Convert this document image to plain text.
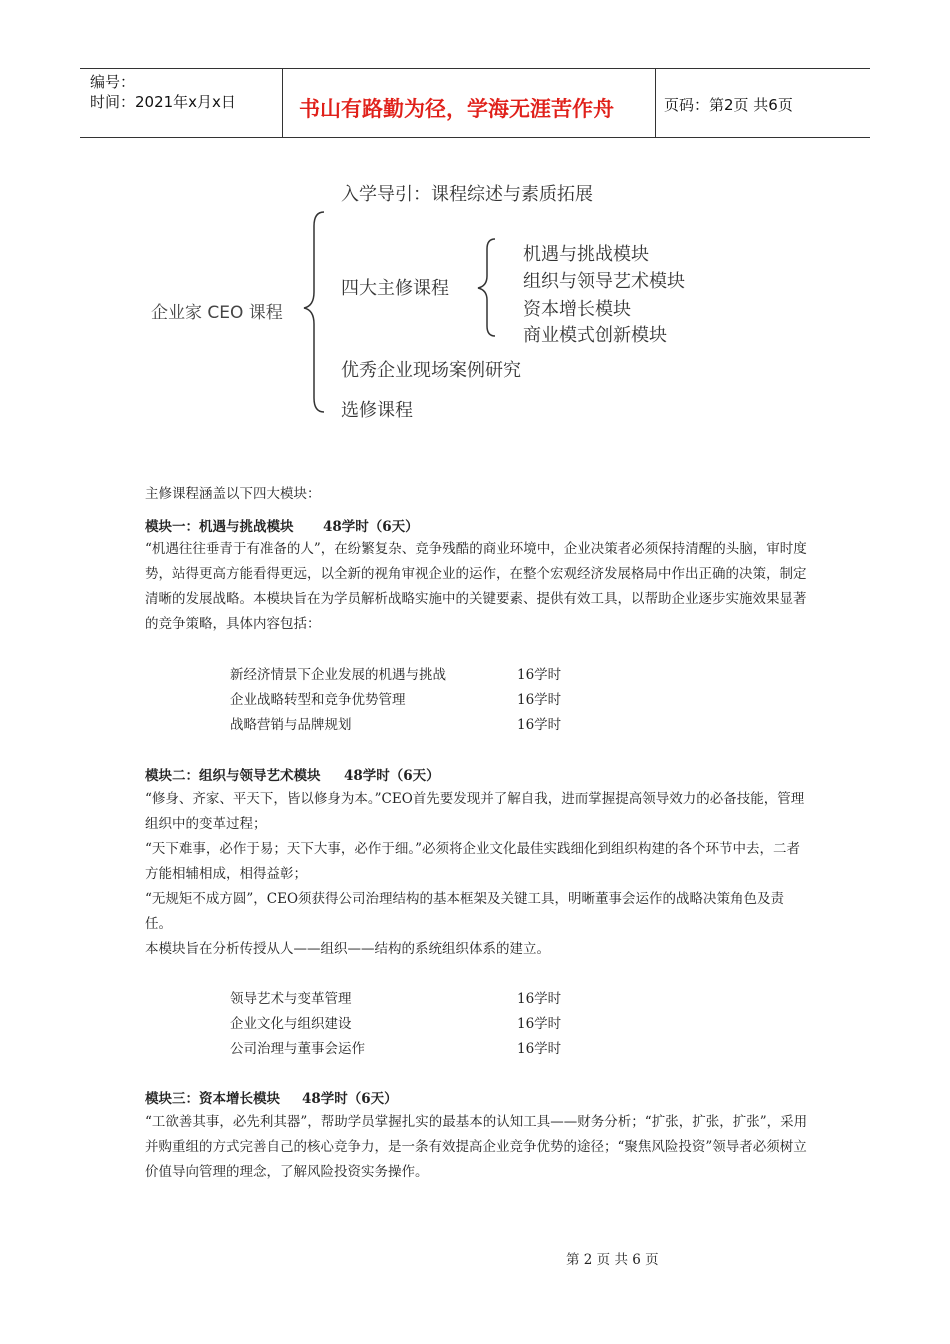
编号：
时间：2021年x月x日	书山有路勤为径，学海无涯苦作舟	页码：第2页 共6页
企业家 CEO 课程
入学导引：课程综述与素质拓展
四大主修课程
机遇与挑战模块
组织与领导艺术模块
资本增长模块
商业模式创新模块
优秀企业现场案例研究
选修课程
主修课程涵盖以下四大模块：
模块一：机遇与挑战模块 48学时（6天）

“机遇往往垂青于有准备的人”，在纷繁复杂、竞争残酷的商业环境中，企业决策者必须保持清醒的头脑，审时度势，站得更高方能看得更远，以全新的视角审视企业的运作，在整个宏观经济发展格局中作出正确的决策，制定清晰的发展战略。本模块旨在为学员解析战略实施中的关键要素、提供有效工具，以帮助企业逐步实施效果显著的竞争策略，具体内容包括：

新经济情景下企业发展的机遇与挑战	16学时
企业战略转型和竞争优势管理	16学时
战略营销与品牌规划	16学时
模块二：组织与领导艺术模块 48学时（6天）

“修身、齐家、平天下，皆以修身为本。”CEO首先要发现并了解自我，进而掌握提高领导效力的必备技能，管理组织中的变革过程；

“天下难事，必作于易；天下大事，必作于细。”必须将企业文化最佳实践细化到组织构建的各个环节中去，二者方能相辅相成，相得益彰；

“无规矩不成方圆”，CEO须获得公司治理结构的基本框架及关键工具，明晰董事会运作的战略决策角色及责任。

本模块旨在分析传授从人——组织——结构的系统组织体系的建立。

领导艺术与变革管理	16学时
企业文化与组织建设	16学时
公司治理与董事会运作	16学时
模块三：资本增长模块 48学时（6天）

“工欲善其事，必先利其器”，帮助学员掌握扎实的最基本的认知工具——财务分析；“扩张，扩张，扩张”，采用并购重组的方式完善自己的核心竞争力，是一条有效提高企业竞争优势的途径；“聚焦风险投资”领导者必须树立价值导向管理的理念，了解风险投资实务操作。

第 2 页 共 6 页
